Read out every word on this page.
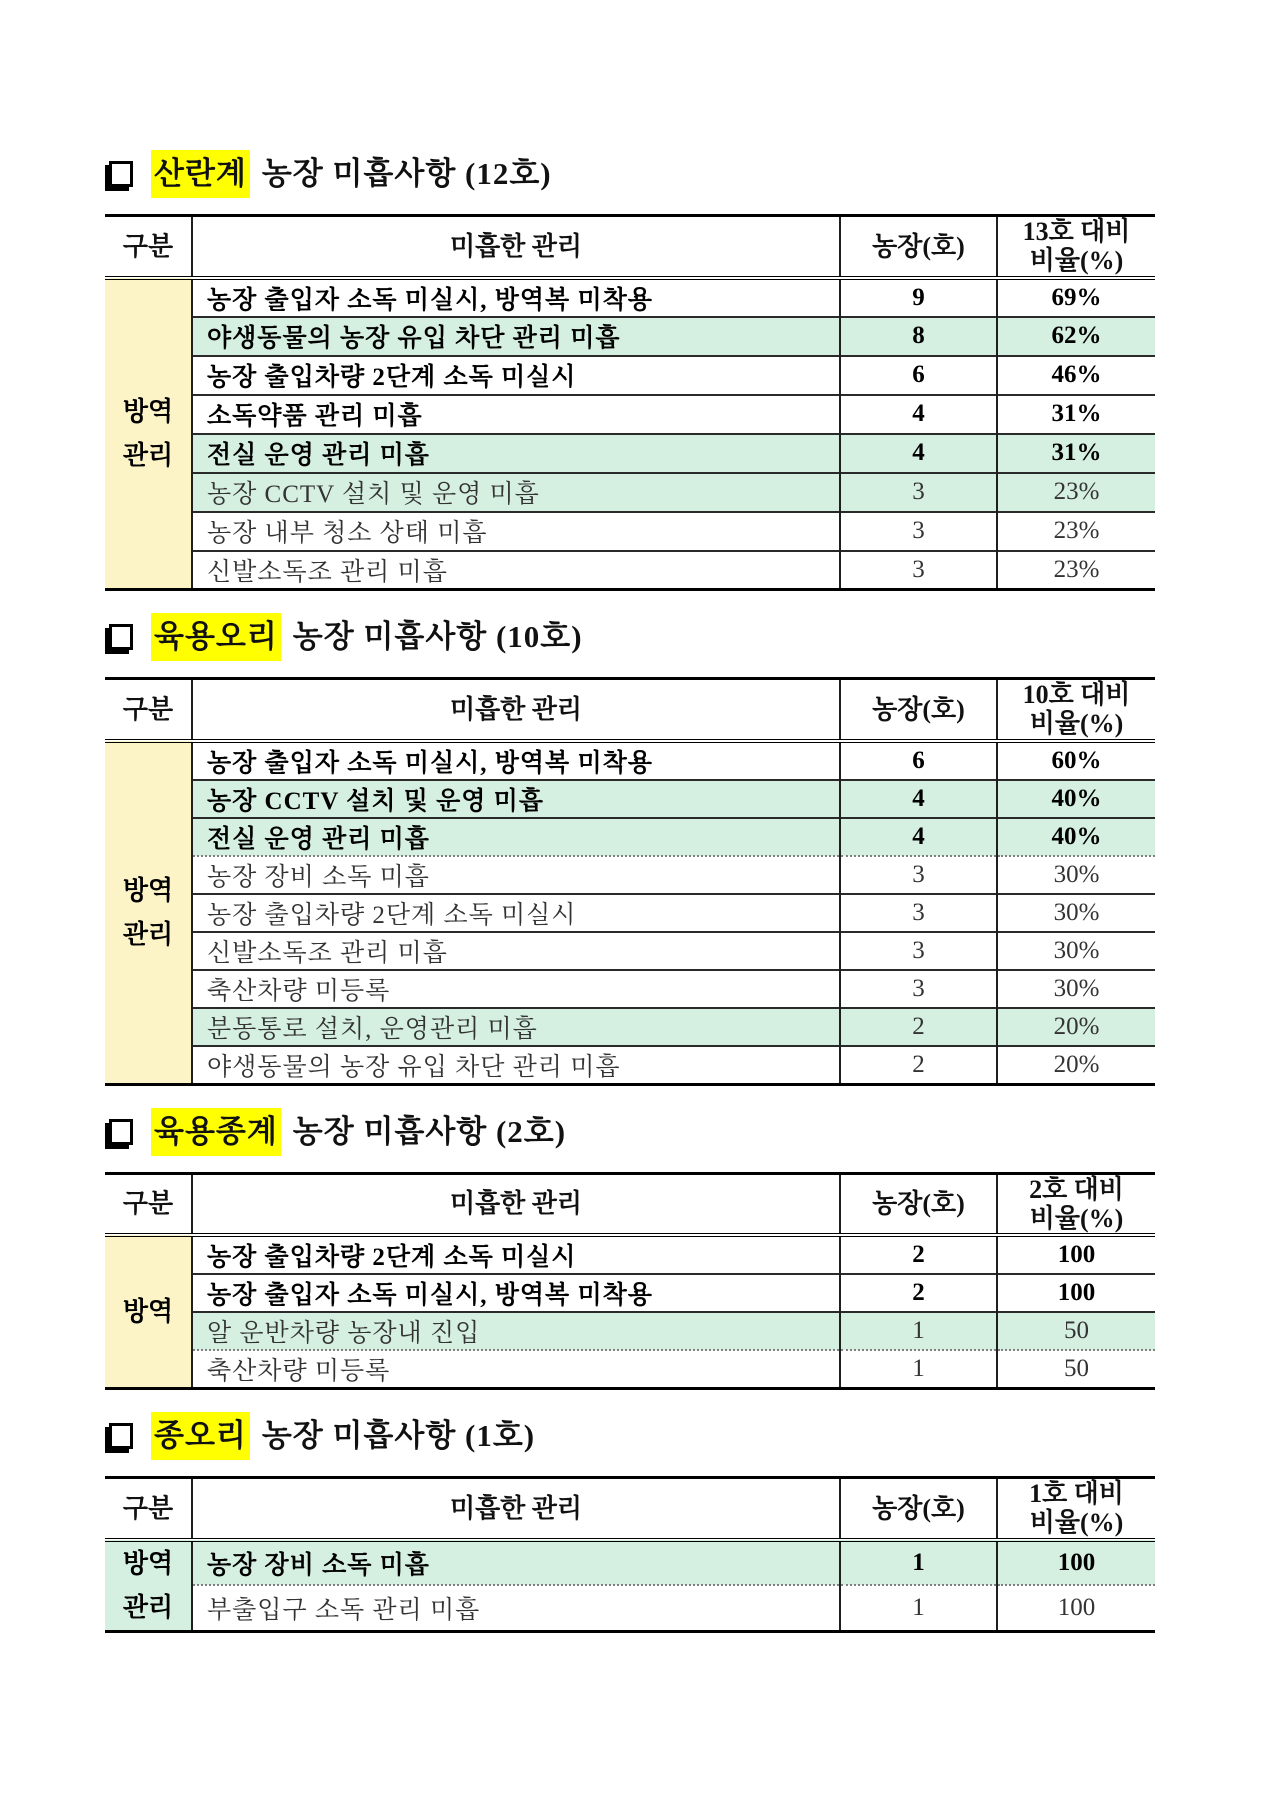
산란계 농장 미흡사항 (12호)
구분	미흡한 관리	농장(호)	13호 대비
비율(%)

방역
관리	농장 출입자 소독 미실시, 방역복 미착용	9	69%
	야생동물의 농장 유입 차단 관리 미흡	8	62%
	농장 출입차량 2단계 소독 미실시	6	46%
	소독약품 관리 미흡	4	31%
	전실 운영 관리 미흡	4	31%
	농장 CCTV 설치 및 운영 미흡	3	23%
	농장 내부 청소 상태 미흡	3	23%
	신발소독조 관리 미흡	3	23%
육용오리 농장 미흡사항 (10호)
구분	미흡한 관리	농장(호)	10호 대비
비율(%)

방역
관리	농장 출입자 소독 미실시, 방역복 미착용	6	60%
	농장 CCTV 설치 및 운영 미흡	4	40%
	전실 운영 관리 미흡	4	40%
	농장 장비 소독 미흡	3	30%
	농장 출입차량 2단계 소독 미실시	3	30%
	신발소독조 관리 미흡	3	30%
	축산차량 미등록	3	30%
	분동통로 설치, 운영관리 미흡	2	20%
	야생동물의 농장 유입 차단 관리 미흡	2	20%
육용종계 농장 미흡사항 (2호)
구분	미흡한 관리	농장(호)	2호 대비
비율(%)

방역	농장 출입차량 2단계 소독 미실시	2	100
	농장 출입자 소독 미실시, 방역복 미착용	2	100
	알 운반차량 농장내 진입	1	50
	축산차량 미등록	1	50
종오리 농장 미흡사항 (1호)
구분	미흡한 관리	농장(호)	1호 대비
비율(%)

방역
관리	농장 장비 소독 미흡	1	100
	부출입구 소독 관리 미흡	1	100
